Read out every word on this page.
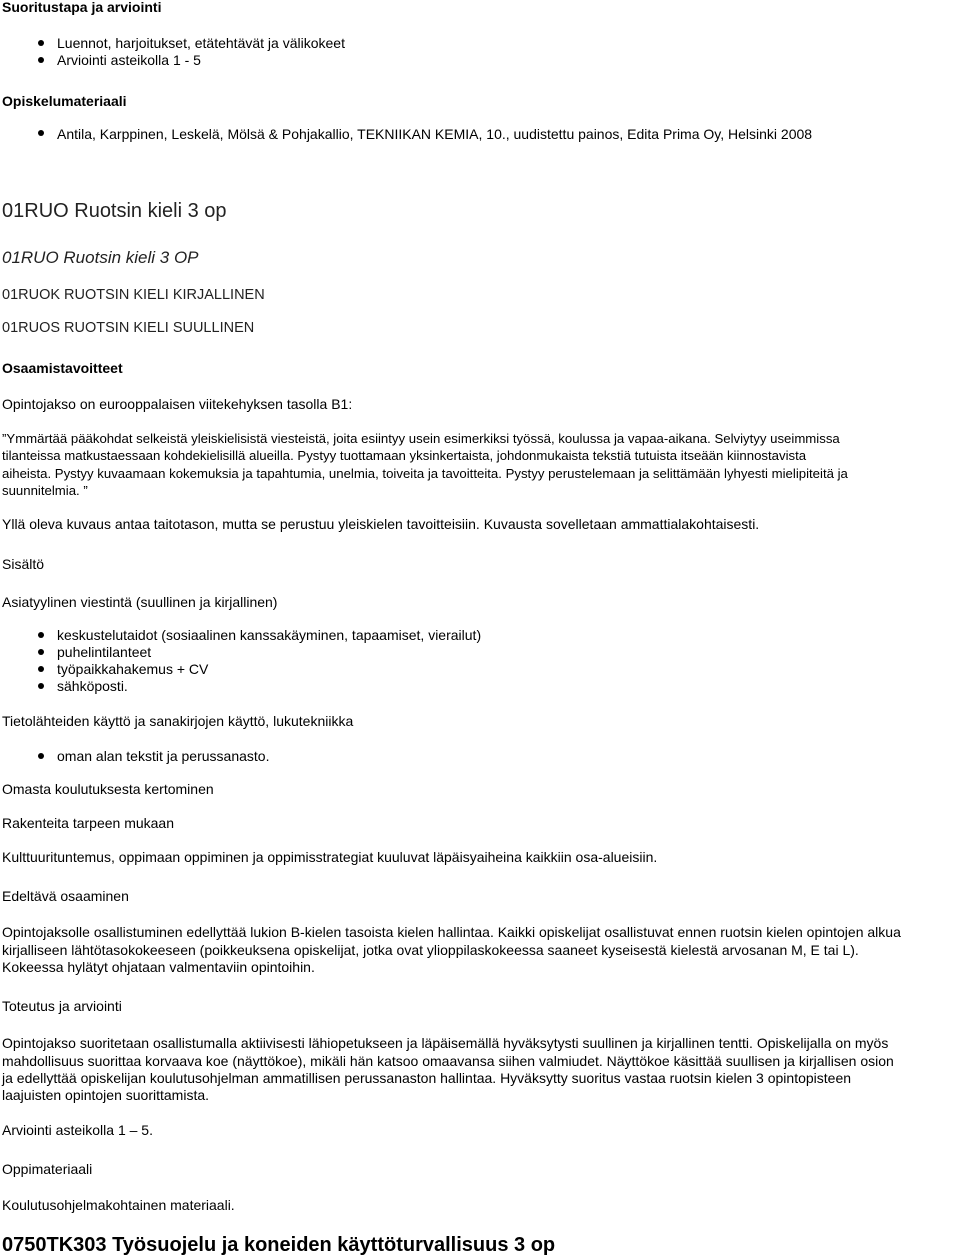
Suoritustapa ja arviointi
Luennot, harjoitukset, etätehtävät ja välikokeet
Arviointi asteikolla 1 - 5
Opiskelumateriaali
Antila, Karppinen, Leskelä, Mölsä & Pohjakallio, TEKNIIKAN KEMIA, 10., uudistettu painos, Edita Prima Oy, Helsinki 2008
01RUO Ruotsin kieli 3 op
01RUO Ruotsin kieli 3 OP
01RUOK RUOTSIN KIELI KIRJALLINEN
01RUOS RUOTSIN KIELI SUULLINEN
Osaamistavoitteet
Opintojakso on eurooppalaisen viitekehyksen tasolla B1:
”Ymmärtää pääkohdat selkeistä yleiskielisistä viesteistä, joita esiintyy usein esimerkiksi työssä, koulussa ja vapaa-aikana. Selviytyy useimmissa
tilanteissa matkustaessaan kohdekielisillä alueilla. Pystyy tuottamaan yksinkertaista, johdonmukaista tekstiä tutuista itseään kiinnostavista
aiheista. Pystyy kuvaamaan kokemuksia ja tapahtumia, unelmia, toiveita ja tavoitteita. Pystyy perustelemaan ja selittämään lyhyesti mielipiteitä ja
suunnitelmia. ”
Yllä oleva kuvaus antaa taitotason, mutta se perustuu yleiskielen tavoitteisiin. Kuvausta sovelletaan ammattialakohtaisesti.
Sisältö
Asiatyylinen viestintä (suullinen ja kirjallinen)
keskustelutaidot (sosiaalinen kanssakäyminen, tapaamiset, vierailut)
puhelintilanteet
työpaikkahakemus + CV
sähköposti.
Tietolähteiden käyttö ja sanakirjojen käyttö, lukutekniikka
oman alan tekstit ja perussanasto.
Omasta koulutuksesta kertominen
Rakenteita tarpeen mukaan
Kulttuurituntemus, oppimaan oppiminen ja oppimisstrategiat kuuluvat läpäisyaiheina kaikkiin osa-alueisiin.
Edeltävä osaaminen
Opintojaksolle osallistuminen edellyttää lukion B-kielen tasoista kielen hallintaa. Kaikki opiskelijat osallistuvat ennen ruotsin kielen opintojen alkua
kirjalliseen lähtötasokokeeseen (poikkeuksena opiskelijat, jotka ovat ylioppilaskokeessa saaneet kyseisestä kielestä arvosanan M, E tai L).
Kokeessa hylätyt ohjataan valmentaviin opintoihin.
Toteutus ja arviointi
Opintojakso suoritetaan osallistumalla aktiivisesti lähiopetukseen ja läpäisemällä hyväksytysti suullinen ja kirjallinen tentti. Opiskelijalla on myös
mahdollisuus suorittaa korvaava koe (näyttökoe), mikäli hän katsoo omaavansa siihen valmiudet. Näyttökoe käsittää suullisen ja kirjallisen osion
ja edellyttää opiskelijan koulutusohjelman ammatillisen perussanaston hallintaa. Hyväksytty suoritus vastaa ruotsin kielen 3 opintopisteen
laajuisten opintojen suorittamista.
Arviointi asteikolla 1 – 5.
Oppimateriaali
Koulutusohjelmakohtainen materiaali.
0750TK303 Työsuojelu ja koneiden käyttöturvallisuus 3 op
